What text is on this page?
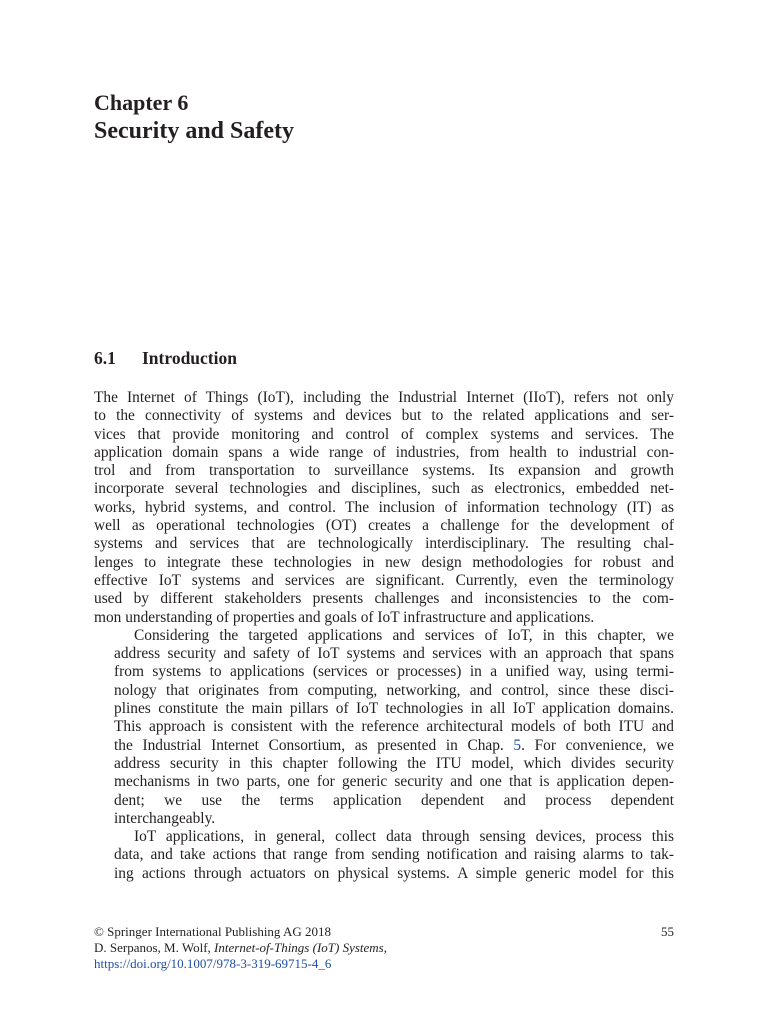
Chapter 6
Security and Safety
6.1 Introduction

The Internet of Things (IoT), including the Industrial Internet (IIoT), refers not only
to the connectivity of systems and devices but to the related applications and ser-
vices that provide monitoring and control of complex systems and services. The
application domain spans a wide range of industries, from health to industrial con-
trol and from transportation to surveillance systems. Its expansion and growth
incorporate several technologies and disciplines, such as electronics, embedded net-
works, hybrid systems, and control. The inclusion of information technology (IT) as
well as operational technologies (OT) creates a challenge for the development of
systems and services that are technologically interdisciplinary. The resulting chal-
lenges to integrate these technologies in new design methodologies for robust and
effective IoT systems and services are significant. Currently, even the terminology
used by different stakeholders presents challenges and inconsistencies to the com-
mon understanding of properties and goals of IoT infrastructure and applications.

Considering the targeted applications and services of IoT, in this chapter, we
address security and safety of IoT systems and services with an approach that spans
from systems to applications (services or processes) in a unified way, using termi-
nology that originates from computing, networking, and control, since these disci-
plines constitute the main pillars of IoT technologies in all IoT application domains.
This approach is consistent with the reference architectural models of both ITU and
the Industrial Internet Consortium, as presented in Chap. 5. For convenience, we
address security in this chapter following the ITU model, which divides security
mechanisms in two parts, one for generic security and one that is application depen-
dent; we use the terms application dependent and process dependent
interchangeably.

IoT applications, in general, collect data through sensing devices, process this
data, and take actions that range from sending notification and raising alarms to tak-
ing actions through actuators on physical systems. A simple generic model for this

© Springer International Publishing AG 2018
D. Serpanos, M. Wolf, Internet-of-Things (IoT) Systems,
https://doi.org/10.1007/978-3-319-69715-4_6
55
